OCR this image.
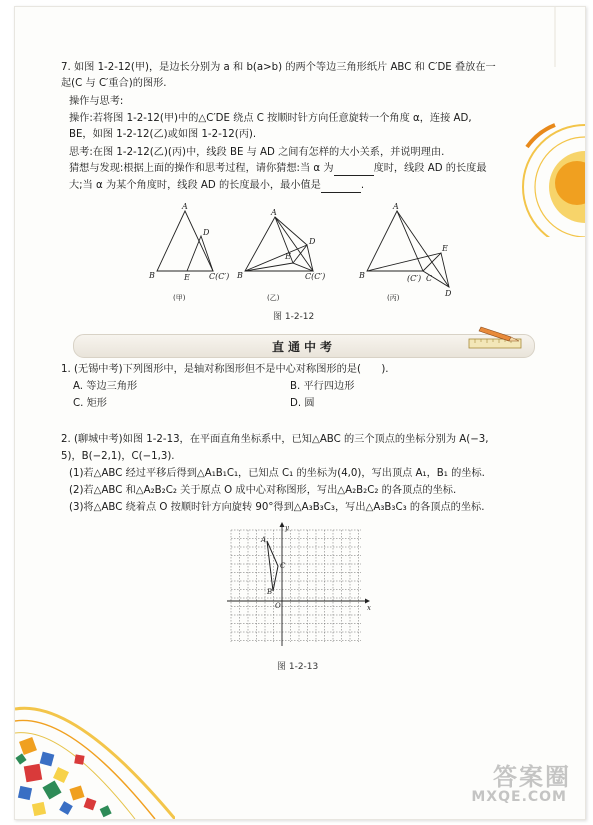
7. 如图 1-2-12(甲)，是边长分别为 a 和 b(a>b) 的两个等边三角形纸片 ABC 和 C′DE 叠放在一
起(C 与 C′重合)的图形.
操作与思考:
操作:若将图 1-2-12(甲)中的△C′DE 绕点 C 按顺时针方向任意旋转一个角度 α，连接 AD,
BE，如图 1-2-12(乙)或如图 1-2-12(丙).
思考:在图 1-2-12(乙)(丙)中，线段 BE 与 AD 之间有怎样的大小关系，并说明理由.
猜想与发现:根据上面的操作和思考过程，请你猜想:当 α 为	度时，线段 AD 的长度最
大;当 α 为某个角度时，线段 AD 的长度最小，最小值是	.
A
D
B	E C(C′)
A
D
E
B	C(C′)
A
E
B	(C′) C
D
(甲)	(乙)	(丙)
图 1-2-12
直通中考
1. (无锡中考)下列图形中，是轴对称图形但不是中心对称图形的是(　　).
A. 等边三角形	B. 平行四边形
C. 矩形	D. 圆
2. (聊城中考)如图 1-2-13，在平面直角坐标系中，已知△ABC 的三个顶点的坐标分别为 A(−3,
5)，B(−2,1)，C(−1,3).
(1)若△ABC 经过平移后得到△A₁B₁C₁，已知点 C₁ 的坐标为(4,0)，写出顶点 A₁，B₁ 的坐标.
(2)若△ABC 和△A₂B₂C₂ 关于原点 O 成中心对称图形，写出△A₂B₂C₂ 的各顶点的坐标.
(3)将△ABC 绕着点 O 按顺时针方向旋转 90°得到△A₃B₃C₃，写出△A₃B₃C₃ 的各顶点的坐标.
x
y
O
A
C
B
图 1-2-13
答案圈
MXQE.COM
